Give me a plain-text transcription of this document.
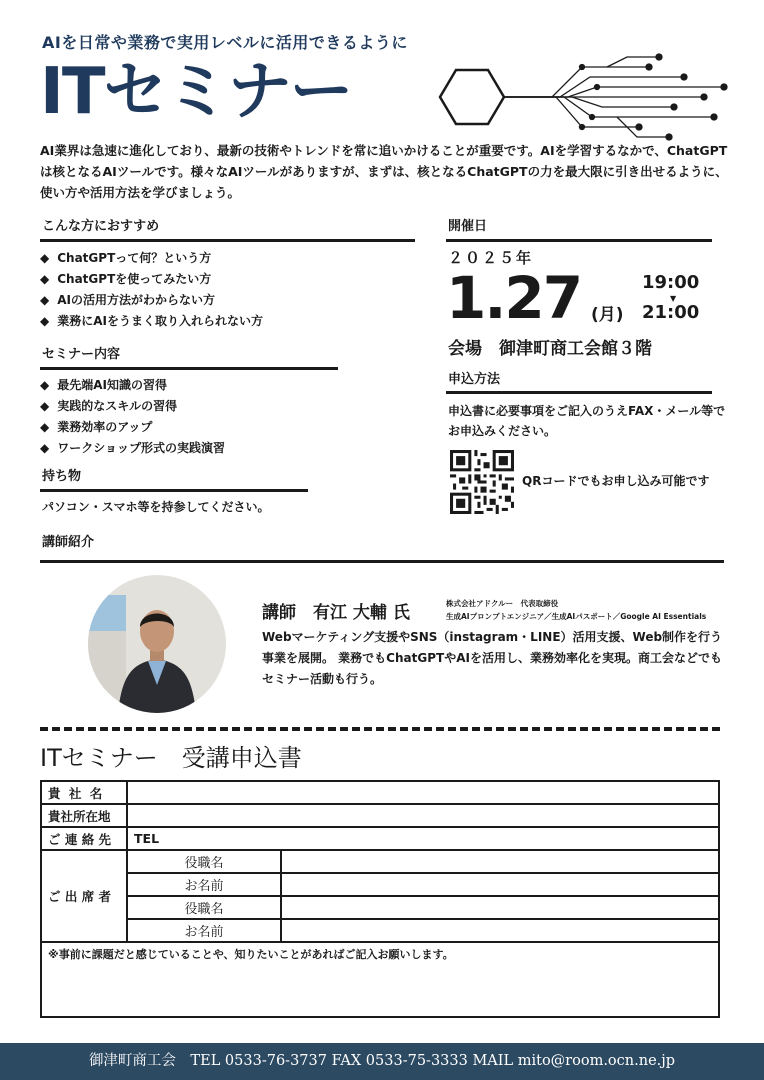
AIを日常や業務で実用レベルに活用できるように
ITセミナー
AI業界は急速に進化しており、最新の技術やトレンドを常に追いかけることが重要です。AIを学習するなかで、ChatGPTは核となるAIツールです。様々なAIツールがありますが、まずは、核となるChatGPTの力を最大限に引き出せるように、使い方や活用方法を学びましょう。
こんな方におすすめ
◆ ChatGPTって何？という方
◆ ChatGPTを使ってみたい方
◆ AIの活用方法がわからない方
◆ 業務にAIをうまく取り入れられない方
セミナー内容
◆ 最先端AI知識の習得
◆ 実践的なスキルの習得
◆ 業務効率のアップ
◆ ワークショップ形式の実践演習
持ち物
パソコン・スマホ等を持参してください。
開催日
２０２５年
1.27 (月)
19:00
▼
21:00
会場　御津町商工会館３階
申込方法
申込書に必要事項をご記入のうえFAX・メール等でお申込みください。
QRコードでもお申し込み可能です
講師紹介
講師　有江 大輔 氏	株式会社アドクルー　代表取締役
生成AIプロンプトエンジニア／生成AIパスポート／Google AI Essentials
Webマーケティング支援やSNS（instagram・LINE）活用支援、Web制作を行う事業を展開。 業務でもChatGPTやAIを活用し、業務効率化を実現。商工会などでもセミナー活動も行う。
ITセミナー　受講申込書
貴 社 名		
貴社所在地		
ご 連 絡 先	TEL	
ご 出 席 者	役職名	
	お名前	
	役職名	
	お名前	
※事前に課題だと感じていることや、知りたいことがあればご記入お願いします。		
御津町商工会　TEL 0533-76-3737 FAX 0533-75-3333 MAIL mito@room.ocn.ne.jp
